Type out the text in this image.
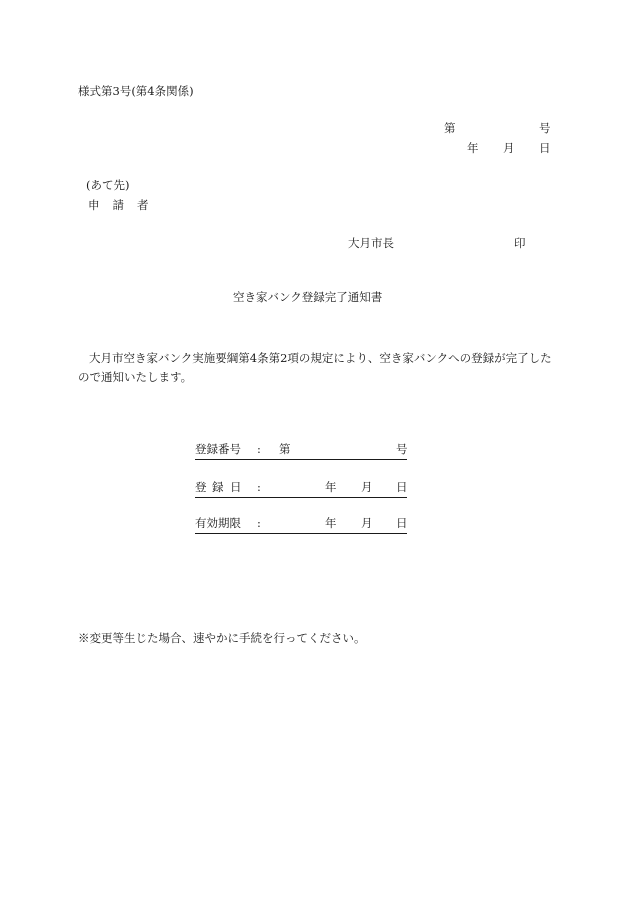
様式第3号(第4条関係)
第	号
年 月 日
(あて先)
申 請 者
大月市長	印
空き家バンク登録完了通知書
大月市空き家バンク実施要綱第4条第2項の規定により、空き家バンクへの登録が完了したので通知いたします。
登録番号 : 第	号
登 録 日 :	年 月 日
有効期限 :	年 月 日
※変更等生じた場合、速やかに手続を行ってください。
